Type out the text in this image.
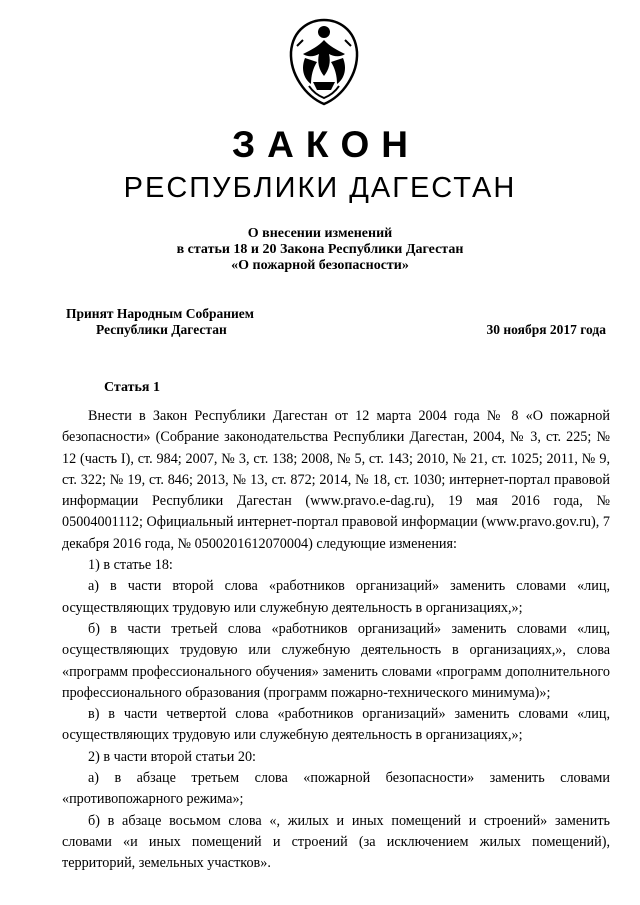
ЗАКОН
РЕСПУБЛИКИ ДАГЕСТАН
О внесении изменений
в статьи 18 и 20 Закона Республики Дагестан
«О пожарной безопасности»
Принят Народным Собранием
Республики Дагестан	30 ноября 2017 года
Статья 1

Внести в Закон Республики Дагестан от 12 марта 2004 года № 8 «О пожарной безопасности» (Собрание законодательства Республики Дагестан, 2004, № 3, ст. 225; № 12 (часть I), ст. 984; 2007, № 3, ст. 138; 2008, № 5, ст. 143; 2010, № 21, ст. 1025; 2011, № 9, ст. 322; № 19, ст. 846; 2013, № 13, ст. 872; 2014, № 18, ст. 1030; интернет-портал правовой информации Республики Дагестан (www.pravo.e-dag.ru), 19 мая 2016 года, № 05004001112; Официальный интернет-портал правовой информации (www.pravo.gov.ru), 7 декабря 2016 года, № 0500201612070004) следующие изменения:

1) в статье 18:

а) в части второй слова «работников организаций» заменить словами «лиц, осуществляющих трудовую или служебную деятельность в организациях,»;

б) в части третьей слова «работников организаций» заменить словами «лиц, осуществляющих трудовую или служебную деятельность в организациях,», слова «программ профессионального обучения» заменить словами «программ дополнительного профессионального образования (программ пожарно-технического минимума)»;

в) в части четвертой слова «работников организаций» заменить словами «лиц, осуществляющих трудовую или служебную деятельность в организациях,»;

2) в части второй статьи 20:

а) в абзаце третьем слова «пожарной безопасности» заменить словами «противопожарного режима»;

б) в абзаце восьмом слова «, жилых и иных помещений и строений» заменить словами «и иных помещений и строений (за исключением жилых помещений), территорий, земельных участков».
